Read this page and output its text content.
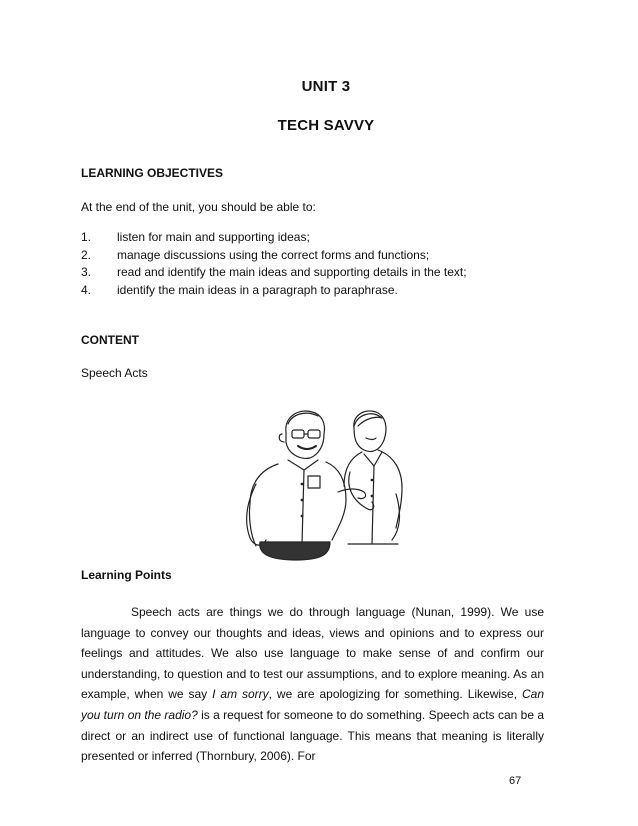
UNIT 3
TECH SAVVY
LEARNING OBJECTIVES
At the end of the unit, you should be able to:
1. listen for main and supporting ideas;
2. manage discussions using the correct forms and functions;
3. read and identify the main ideas and supporting details in the text;
4. identify the main ideas in a paragraph to paraphrase.
CONTENT
Speech Acts
Learning Points

Speech acts are things we do through language (Nunan, 1999). We use language to convey our thoughts and ideas, views and opinions and to express our feelings and attitudes. We also use language to make sense of and confirm our understanding, to question and to test our assumptions, and to explore meaning. As an example, when we say I am sorry, we are apologizing for something. Likewise, Can you turn on the radio? is a request for someone to do something. Speech acts can be a direct or an indirect use of functional language. This means that meaning is literally presented or inferred (Thornbury, 2006). For

67
